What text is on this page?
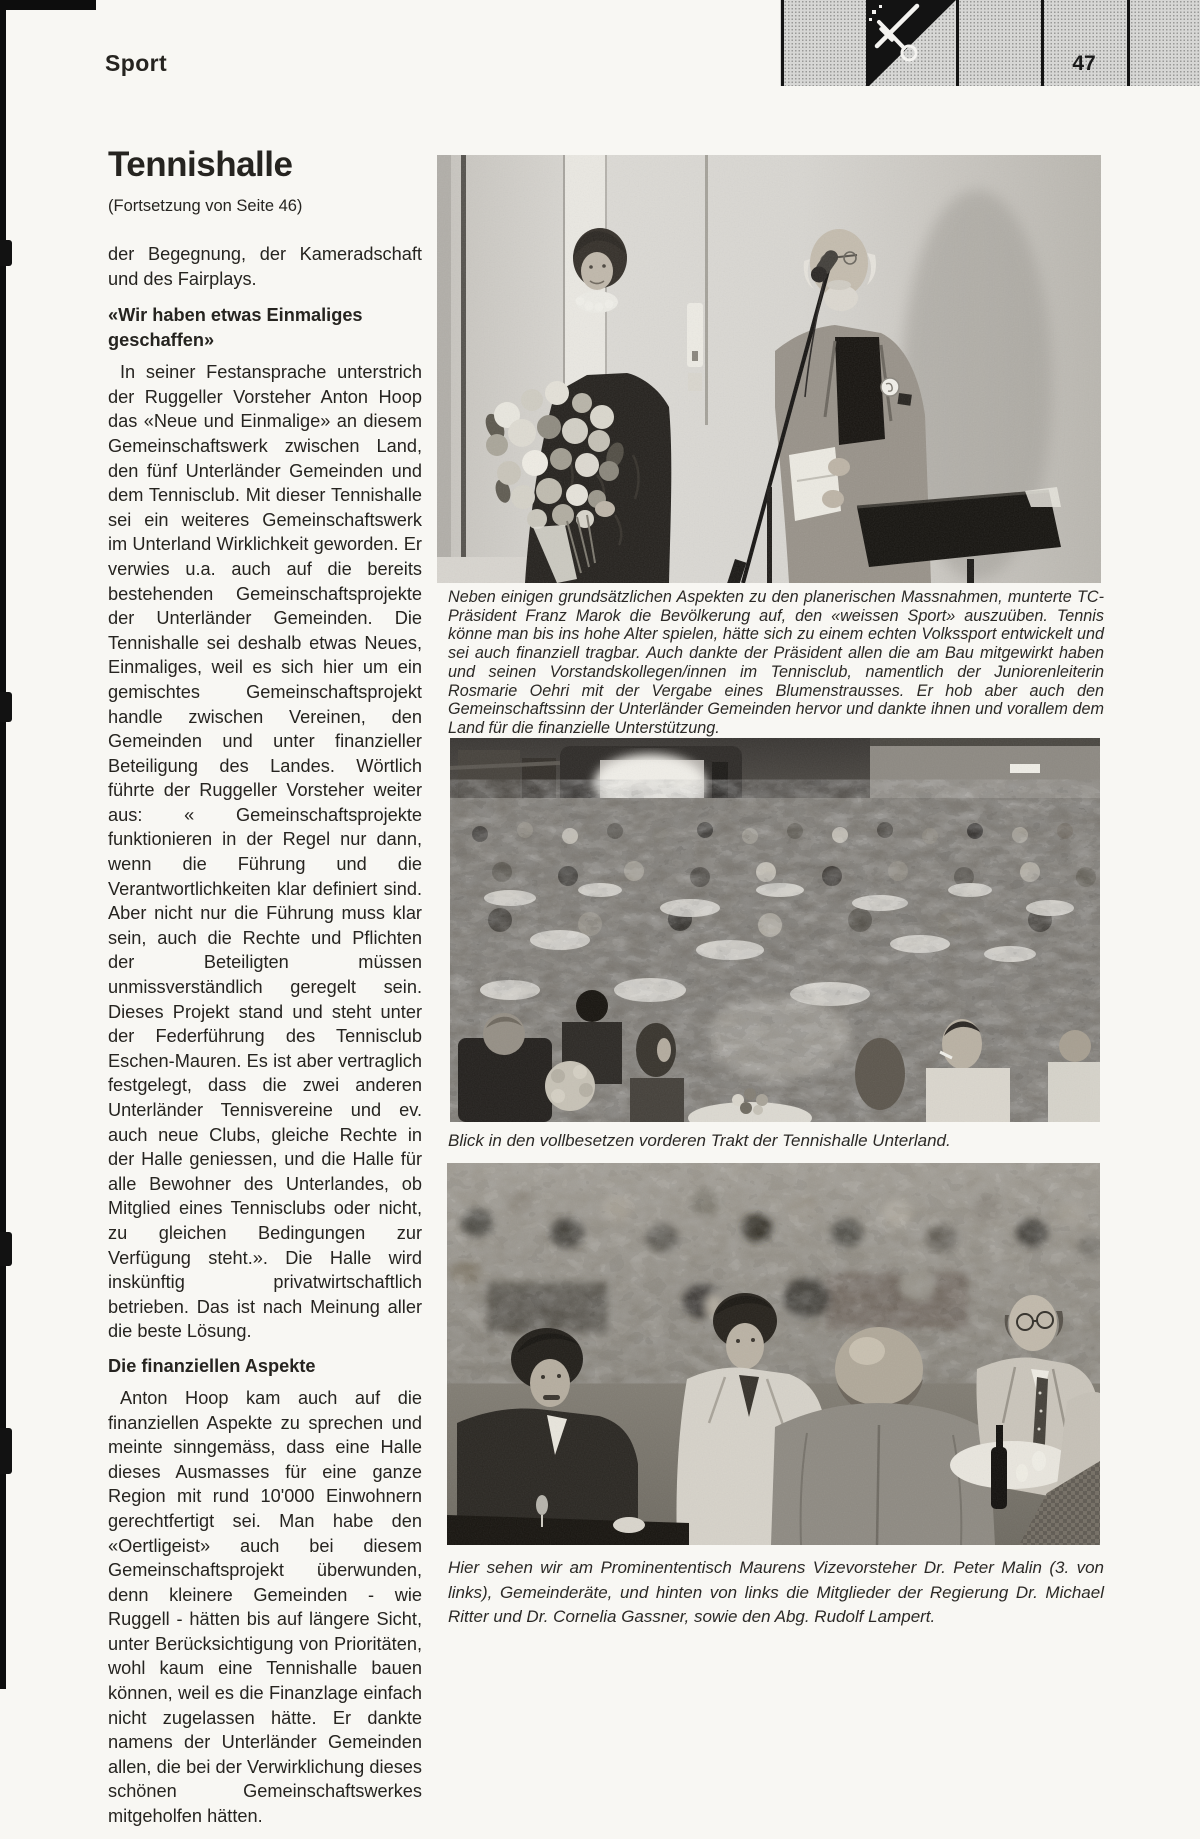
Sport	47
Tennishalle

(Fortsetzung von Seite 46)

der Begegnung, der Kameradschaft und des Fairplays.

«Wir haben etwas Einmaliges geschaffen»

In seiner Festansprache unterstrich der Ruggeller Vorsteher Anton Hoop das «Neue und Einmalige» an diesem Gemeinschaftswerk zwischen Land, den fünf Unterländer Gemeinden und dem Tennisclub. Mit dieser Tennishalle sei ein weiteres Gemeinschaftswerk im Unterland Wirklichkeit geworden. Er verwies u.a. auch auf die bereits bestehenden Gemeinschaftsprojekte der Unterländer Gemeinden. Die Tennishalle sei deshalb etwas Neues, Einmaliges, weil es sich hier um ein gemischtes Gemeinschaftsprojekt handle zwischen Vereinen, den Gemeinden und unter finanzieller Beteiligung des Landes. Wörtlich führte der Ruggeller Vorsteher weiter aus: « Gemeinschaftsprojekte funktionieren in der Regel nur dann, wenn die Führung und die Verantwortlichkeiten klar definiert sind. Aber nicht nur die Führung muss klar sein, auch die Rechte und Pflichten der Beteiligten müssen unmissverständlich geregelt sein. Dieses Projekt stand und steht unter der Federführung des Tennisclub Eschen-Mauren. Es ist aber vertraglich festgelegt, dass die zwei anderen Unterländer Tennisvereine und ev. auch neue Clubs, gleiche Rechte in der Halle geniessen, und die Halle für alle Bewohner des Unterlandes, ob Mitglied eines Tennisclubs oder nicht, zu gleichen Bedingungen zur Verfügung steht.». Die Halle wird inskünftig privatwirtschaftlich betrieben. Das ist nach Meinung aller die beste Lösung.

Die finanziellen Aspekte

Anton Hoop kam auch auf die finanziellen Aspekte zu sprechen und meinte sinngemäss, dass eine Halle dieses Ausmasses für eine ganze Region mit rund 10'000 Einwohnern gerechtfertigt sei. Man habe den «Oertligeist» auch bei diesem Gemeinschaftsprojekt überwunden, denn kleinere Gemeinden - wie Ruggell - hätten bis auf längere Sicht, unter Berücksichtigung von Prioritäten, wohl kaum eine Tennishalle bauen können, weil es die Finanzlage einfach nicht zugelassen hätte. Er dankte namens der Unterländer Gemeinden allen, die bei der Verwirklichung dieses schönen Gemeinschaftswerkes mitgeholfen hätten.

Neben einigen grundsätzlichen Aspekten zu den planerischen Massnahmen, munterte TC-Präsident Franz Marok die Bevölkerung auf, den «weissen Sport» auszuüben. Tennis könne man bis ins hohe Alter spielen, hätte sich zu einem echten Volkssport entwickelt und sei auch finanziell tragbar. Auch dankte der Präsident allen die am Bau mitgewirkt haben und seinen Vorstandskollegen/innen im Tennisclub, namentlich der Juniorenleiterin Rosmarie Oehri mit der Vergabe eines Blumenstrausses. Er hob aber auch den Gemeinschaftssinn der Unterländer Gemeinden hervor und dankte ihnen und vorallem dem Land für die finanzielle Unterstützung.
Blick in den vollbesetzen vorderen Trakt der Tennishalle Unterland.
Hier sehen wir am Prominententisch Maurens Vizevorsteher Dr. Peter Malin (3. von links), Gemeinderäte, und hinten von links die Mitglieder der Regierung Dr. Michael Ritter und Dr. Cornelia Gassner, sowie den Abg. Rudolf Lampert.
